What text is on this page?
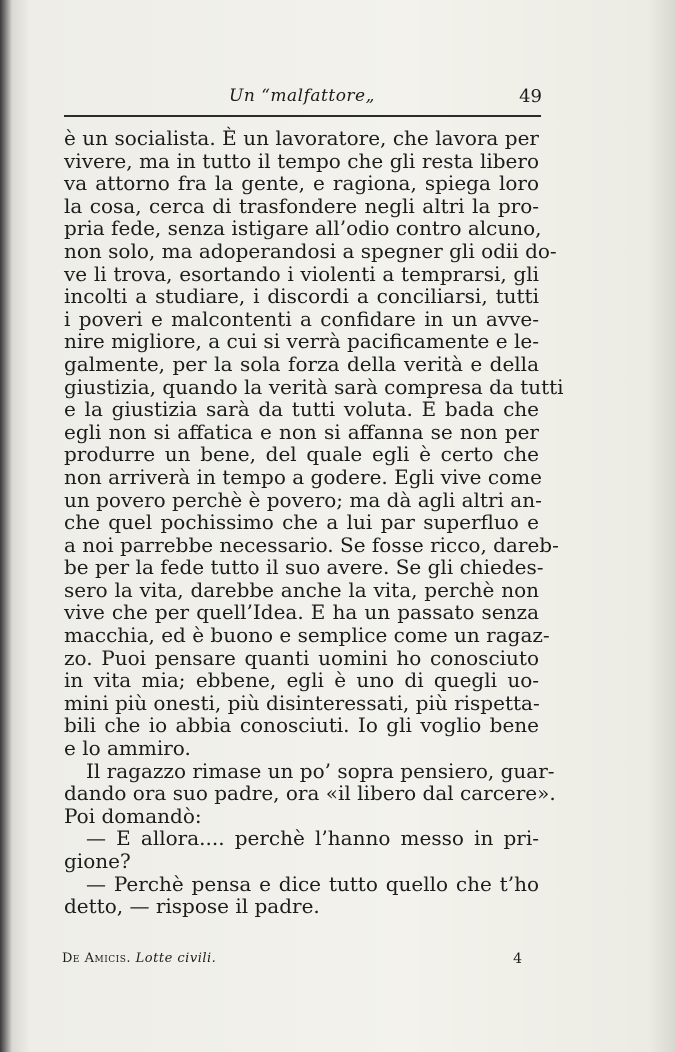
Un “malfattore„	49
è un socialista. È un lavoratore, che lavora per
vivere, ma in tutto il tempo che gli resta libero
va attorno fra la gente, e ragiona, spiega loro
la cosa, cerca di trasfondere negli altri la pro-
pria fede, senza istigare all’odio contro alcuno,
non solo, ma adoperandosi a spegner gli odii do-
ve li trova, esortando i violenti a temprarsi, gli
incolti a studiare, i discordi a conciliarsi, tutti
i poveri e malcontenti a confidare in un avve-
nire migliore, a cui si verrà pacificamente e le-
galmente, per la sola forza della verità e della
giustizia, quando la verità sarà compresa da tutti
e la giustizia sarà da tutti voluta. E bada che
egli non si affatica e non si affanna se non per
produrre un bene, del quale egli è certo che
non arriverà in tempo a godere. Egli vive come
un povero perchè è povero; ma dà agli altri an-
che quel pochissimo che a lui par superfluo e
a noi parrebbe necessario. Se fosse ricco, dareb-
be per la fede tutto il suo avere. Se gli chiedes-
sero la vita, darebbe anche la vita, perchè non
vive che per quell’Idea. E ha un passato senza
macchia, ed è buono e semplice come un ragaz-
zo. Puoi pensare quanti uomini ho conosciuto
in vita mia; ebbene, egli è uno di quegli uo-
mini più onesti, più disinteressati, più rispetta-
bili che io abbia conosciuti. Io gli voglio bene
e lo ammiro.
Il ragazzo rimase un po’ sopra pensiero, guar-
dando ora suo padre, ora «il libero dal carcere».
Poi domandò:
— E allora.... perchè l’hanno messo in pri-
gione?
— Perchè pensa e dice tutto quello che t’ho
detto, — rispose il padre.
De Amicis. Lotte civili.	4
